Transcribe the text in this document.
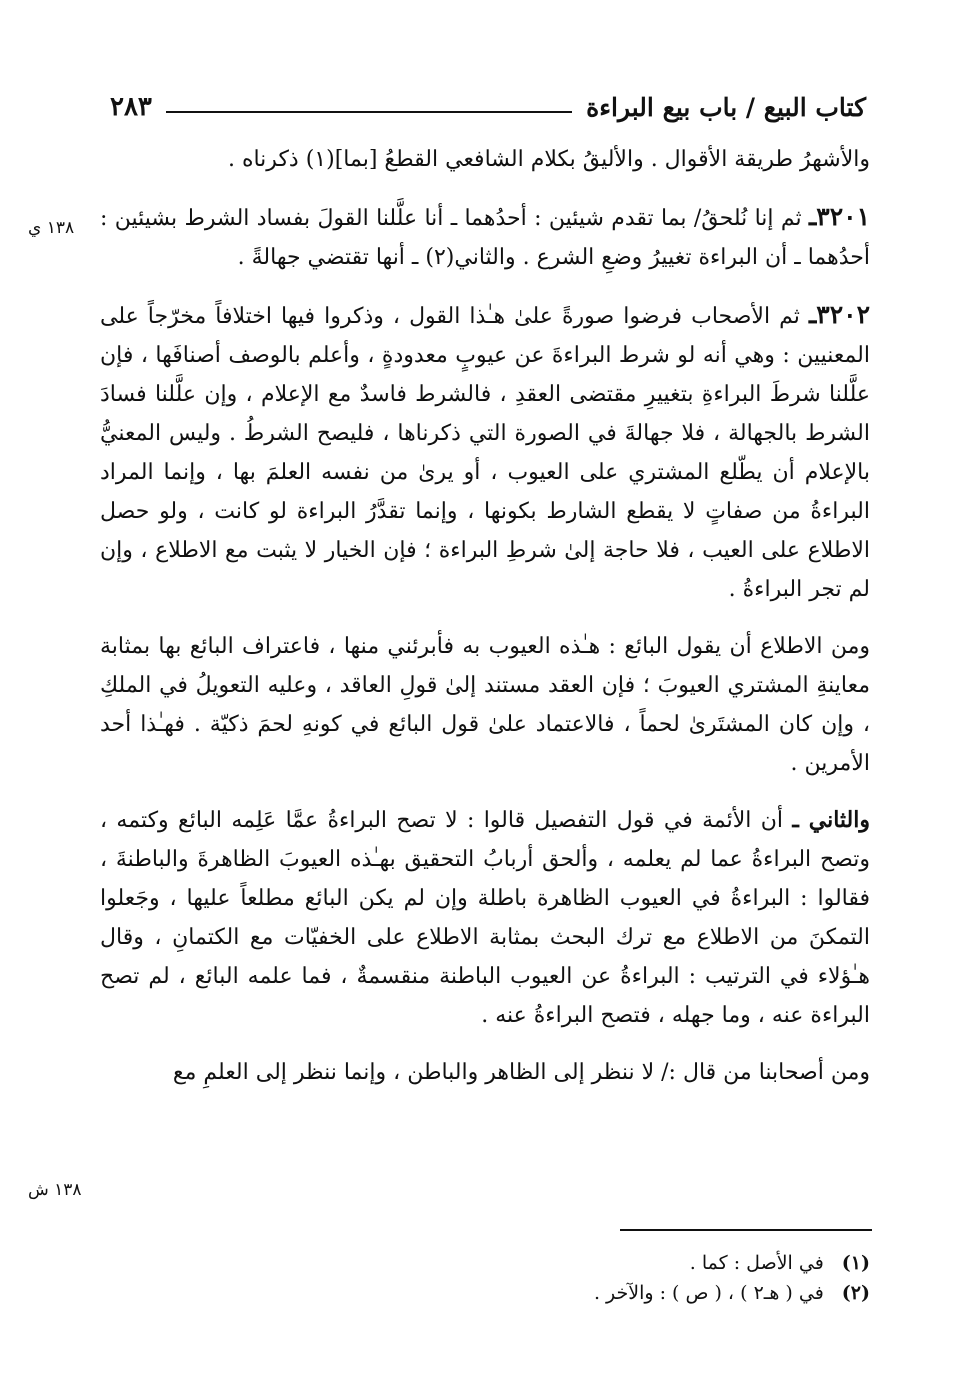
كتاب البيع / باب بيع البراءة
٢٨٣

والأشهرُ طريقة الأقوال . والأليقُ بكلام الشافعي القطعُ [بما](١) ذكرناه .

٣٢٠١ـ ثم إنا نُلحقُ/ بما تقدم شيئين : أحدُهما ـ أنا علَّلنا القولَ بفساد الشرط بشيئين : أحدُهما ـ أن البراءة تغييرُ وضعِ الشرع . والثاني(٢) ـ أنها تقتضي جهالةً .

٣٢٠٢ـ ثم الأصحاب فرضوا صورةً علىٰ هـٰذا القول ، وذكروا فيها اختلافاً مخرّجاً على المعنيين : وهي أنه لو شرط البراءةَ عن عيوبٍ معدودةٍ ، وأعلم بالوصف أصنافَها ، فإن علَّلنا شرطَ البراءةِ بتغييرِ مقتضى العقدِ ، فالشرط فاسدٌ مع الإعلام ، وإن علَّلنا فسادَ الشرط بالجهالة ، فلا جهالةَ في الصورة التي ذكرناها ، فليصح الشرطُ . وليس المعنيُّ بالإعلام أن يطّلع المشتري على العيوب ، أو يرىٰ من نفسه العلمَ بها ، وإنما المراد البراءةُ من صفاتٍ لا يقطع الشارط بكونها ، وإنما تقدَّرُ البراءة لو كانت ، ولو حصل الاطلاع على العيب ، فلا حاجة إلىٰ شرطِ البراءة ؛ فإن الخيار لا يثبت مع الاطلاع ، وإن لم تجر البراءةُ .

ومن الاطلاع أن يقول البائع : هـٰذه العيوب به فأبرئني منها ، فاعتراف البائع بها بمثابة معاينةِ المشتري العيوبَ ؛ فإن العقد مستند إلىٰ قولِ العاقد ، وعليه التعويلُ في الملكِ ، وإن كان المشتَرىٰ لحماً ، فالاعتماد علىٰ قول البائع في كونهِ لحمَ ذكيّة . فهـٰذا أحد الأمرين .

والثاني ـ أن الأئمة في قول التفصيل قالوا : لا تصح البراءةُ عمَّا عَلِمه البائع وكتمه ، وتصح البراءةُ عما لم يعلمه ، وألحق أربابُ التحقيق بهـٰذه العيوبَ الظاهرةَ والباطنةَ ، فقالوا : البراءةُ في العيوب الظاهرة باطلة وإن لم يكن البائع مطلعاً عليها ، وجَعلوا التمكنَ من الاطلاع مع ترك البحث بمثابة الاطلاع على الخفيّات مع الكتمانِ ، وقال هـٰؤلاء في الترتيب : البراءةُ عن العيوب الباطنة منقسمةٌ ، فما علمه البائع ، لم تصح البراءة عنه ، وما جهله ، فتصح البراءةُ عنه .

ومن أصحابنا من قال :/ لا ننظر إلى الظاهر والباطن ، وإنما ننظر إلى العلمِ مع

١٣٨ ي
١٣٨ ش
(١)في الأصل : كما .
(٢)في ( هـ٢ ) ، ( ص ) : والآخر .
